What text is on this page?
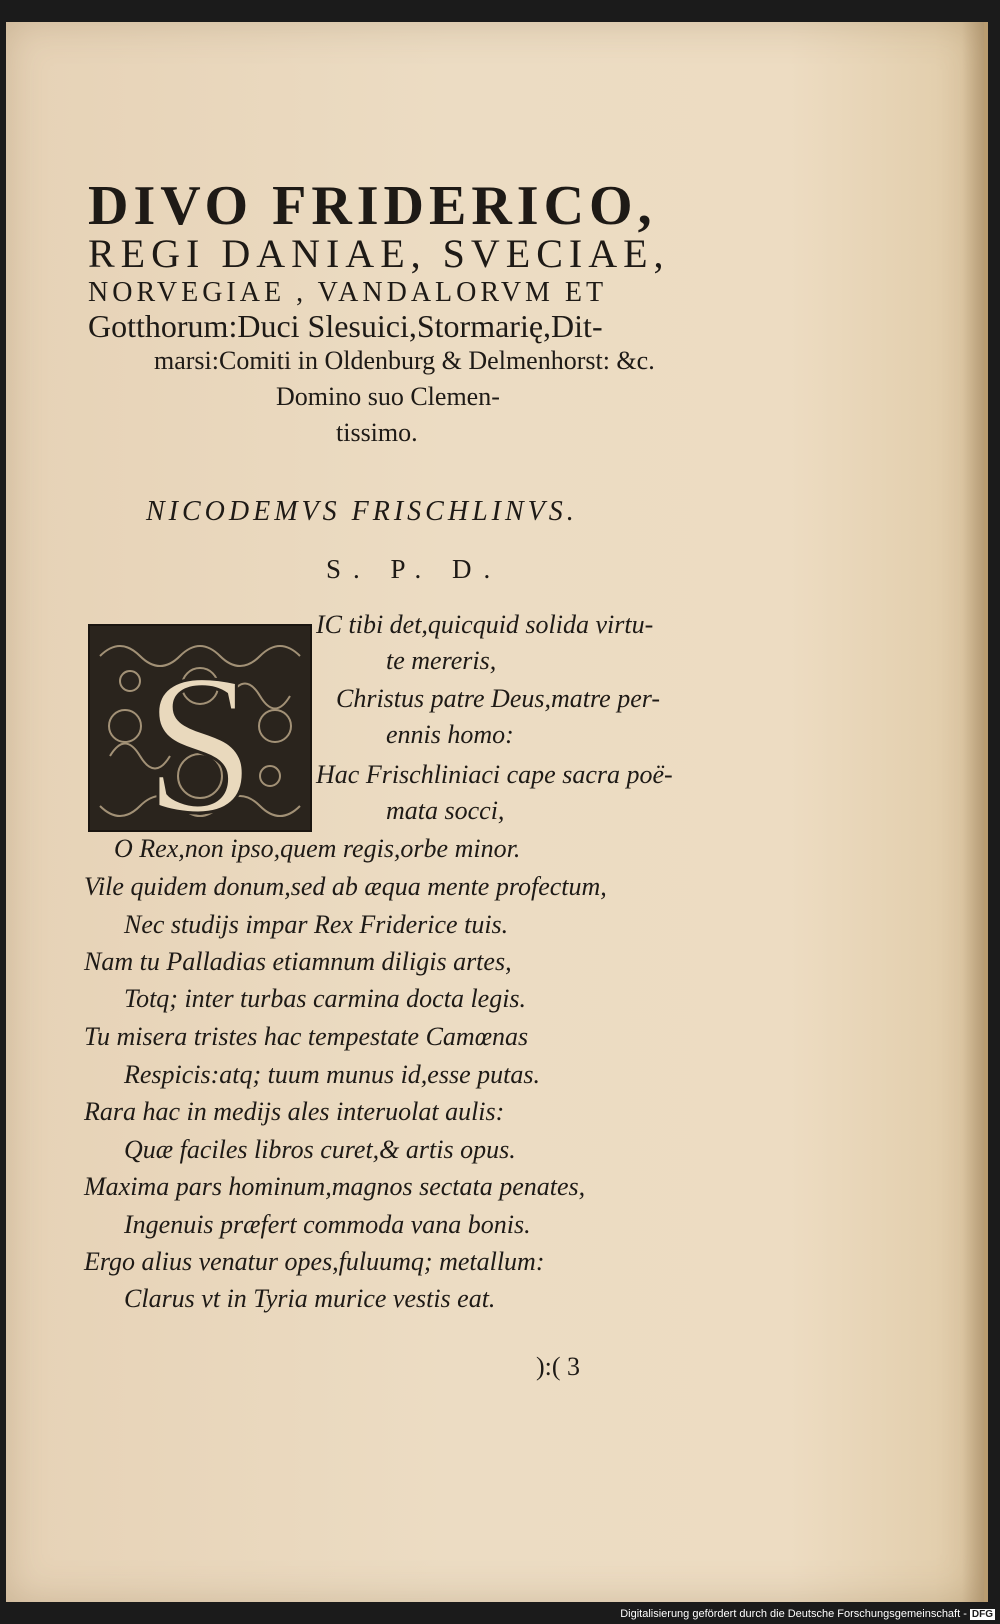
DIVO FRIDERICO,
REGI DANIAE, SVECIAE,
NORVEGIAE , VANDALORVM ET
Gotthorum:Duci Slesuici,Stormarię,Dit-
marsi:Comiti in Oldenburg & Delmenhorst: &c.
Domino suo Clemen-
tissimo.
NICODEMVS FRISCHLINVS.
S. P. D.
S
IC tibi det,quicquid solida virtu-
te mereris,
Christus patre Deus,matre per-
ennis homo:
Hac Frischliniaci cape sacra poë-
mata socci,
O Rex,non ipso,quem regis,orbe minor.
Vile quidem donum,sed ab æqua mente profectum,
Nec studijs impar Rex Friderice tuis.
Nam tu Palladias etiamnum diligis artes,
Totq; inter turbas carmina docta legis.
Tu misera tristes hac tempestate Camœnas
Respicis:atq; tuum munus id,esse putas.
Rara hac in medijs ales interuolat aulis:
Quæ faciles libros curet,& artis opus.
Maxima pars hominum,magnos sectata penates,
Ingenuis præfert commoda vana bonis.
Ergo alius venatur opes,fuluumq; metallum:
Clarus vt in Tyria murice vestis eat.
):( 3
Digitalisierung gefördert durch die Deutsche Forschungsgemeinschaft - DFG
